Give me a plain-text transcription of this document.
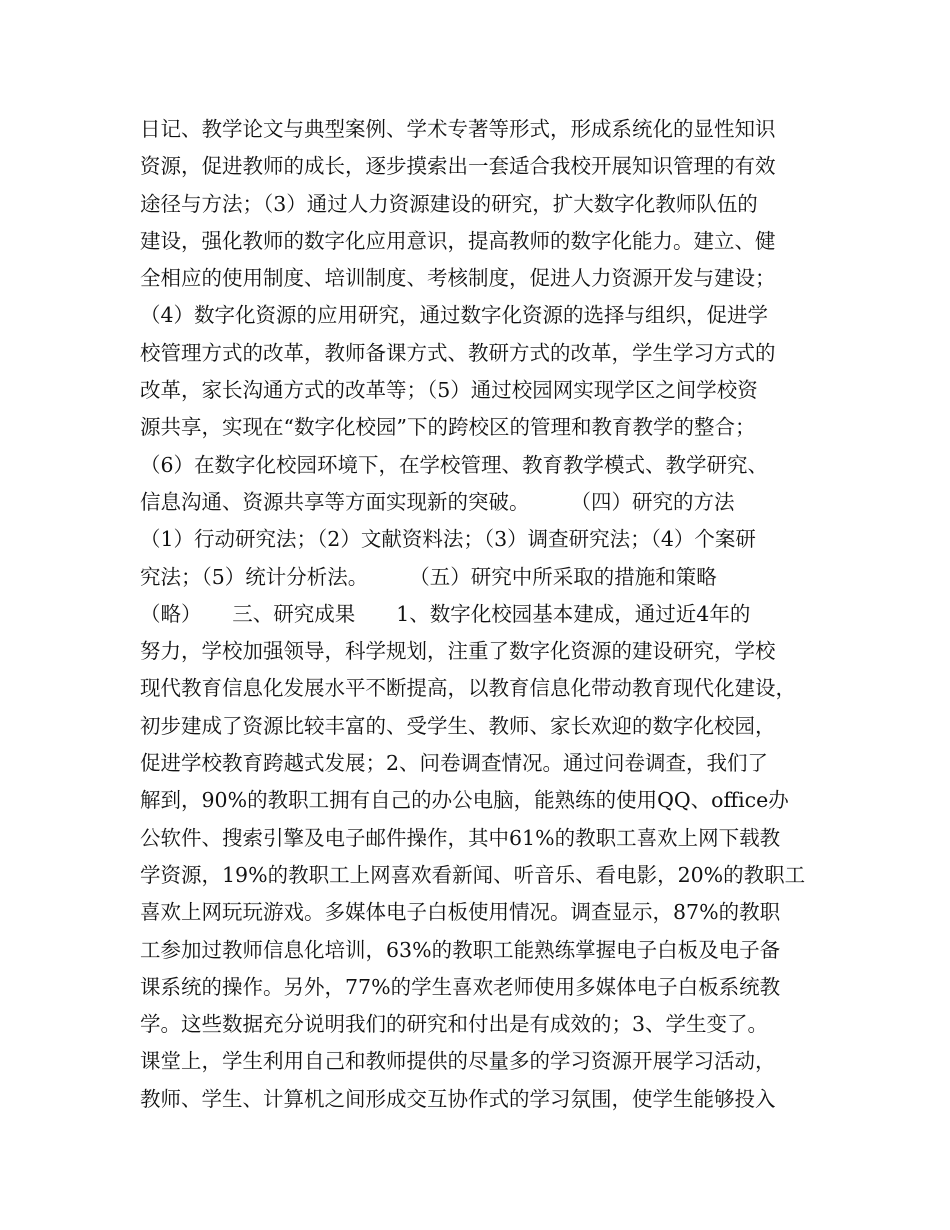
日记、教学论文与典型案例、学术专著等形式，形成系统化的显性知识
资源，促进教师的成长，逐步摸索出一套适合我校开展知识管理的有效
途径与方法；（3）通过人力资源建设的研究，扩大数字化教师队伍的
建设，强化教师的数字化应用意识，提高教师的数字化能力。建立、健
全相应的使用制度、培训制度、考核制度，促进人力资源开发与建设；
（4）数字化资源的应用研究，通过数字化资源的选择与组织，促进学
校管理方式的改革，教师备课方式、教研方式的改革，学生学习方式的
改革，家长沟通方式的改革等；（5）通过校园网实现学区之间学校资
源共享，实现在“数字化校园”下的跨校区的管理和教育教学的整合；
（6）在数字化校园环境下，在学校管理、教育教学模式、教学研究、
信息沟通、资源共享等方面实现新的突破。　　　（四）研究的方法
（1）行动研究法；（2）文献资料法；（3）调查研究法；（4）个案研
究法；（5）统计分析法。　　　（五）研究中所采取的措施和策略
（略）　　三、研究成果　　1、数字化校园基本建成，通过近4年的
努力，学校加强领导，科学规划，注重了数字化资源的建设研究，学校
现代教育信息化发展水平不断提高，以教育信息化带动教育现代化建设，
初步建成了资源比较丰富的、受学生、教师、家长欢迎的数字化校园，
促进学校教育跨越式发展；2、问卷调查情况。通过问卷调查，我们了
解到，90%的教职工拥有自己的办公电脑，能熟练的使用QQ、office办
公软件、搜索引擎及电子邮件操作，其中61%的教职工喜欢上网下载教
学资源，19%的教职工上网喜欢看新闻、听音乐、看电影，20%的教职工
喜欢上网玩玩游戏。多媒体电子白板使用情况。调查显示，87%的教职
工参加过教师信息化培训，63%的教职工能熟练掌握电子白板及电子备
课系统的操作。另外，77%的学生喜欢老师使用多媒体电子白板系统教
学。这些数据充分说明我们的研究和付出是有成效的；3、学生变了。
课堂上，学生利用自己和教师提供的尽量多的学习资源开展学习活动，
教师、学生、计算机之间形成交互协作式的学习氛围，使学生能够投入
